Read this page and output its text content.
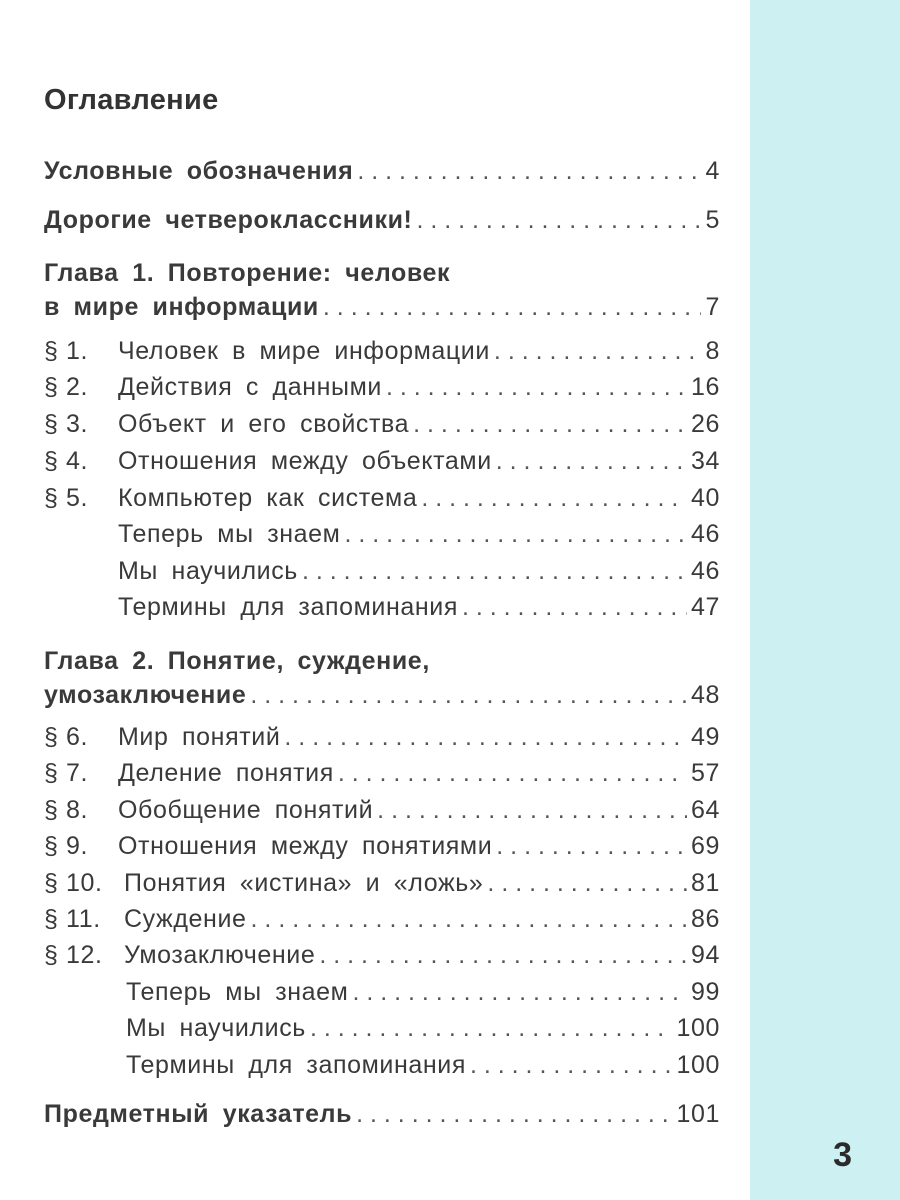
3
Оглавление
Условные обозначения . . .	4
Дорогие четвероклассники! . . .	5
Глава 1. Повторение: человек
в мире информации . . .	7
§ 1.	Человек в мире информации . . .	8
§ 2.	Действия с данными . . .	16
§ 3.	Объект и его свойства . . .	26
§ 4.	Отношения между объектами . . .	34
§ 5.	Компьютер как система . . .	40
Теперь мы знаем . . .	46
Мы научились . . .	46
Термины для запоминания . . .	47
Глава 2. Понятие, суждение,
умозаключение . . .	48
§ 6.	Мир понятий . . .	49
§ 7.	Деление понятия . . .	57
§ 8.	Обобщение понятий . . .	64
§ 9.	Отношения между понятиями . . .	69
§ 10. Понятия «истина» и «ложь» . . .	81
§ 11. Суждение . . .	86
§ 12. Умозаключение . . .	94
Теперь мы знаем . . .	99
Мы научились . . .	100
Термины для запоминания . . .	100
Предметный указатель . . .	101
